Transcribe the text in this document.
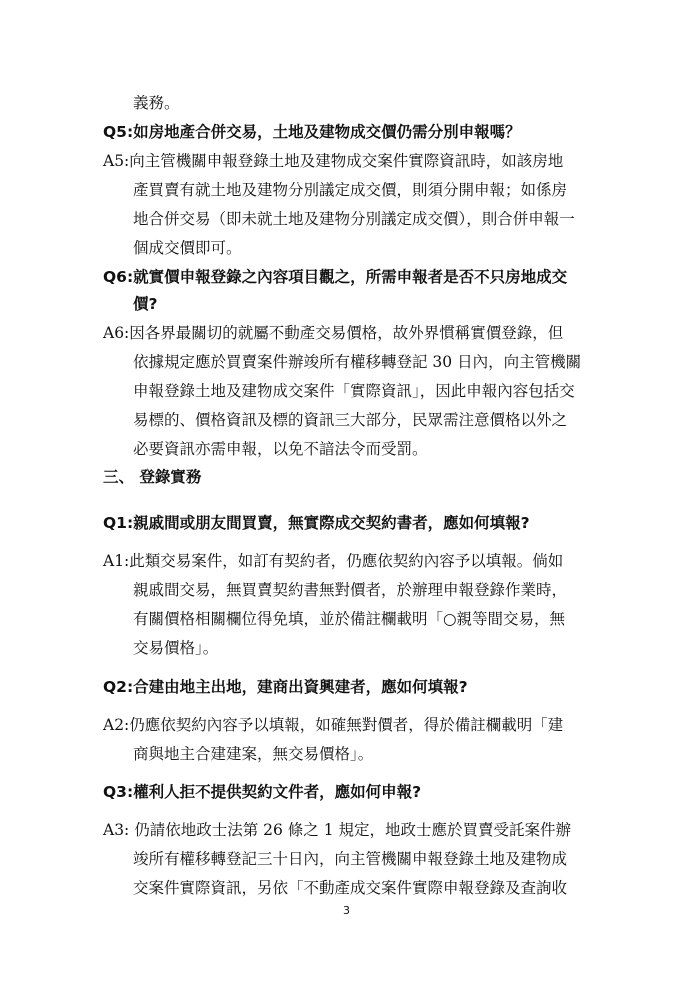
義務。
Q5:如房地產合併交易，土地及建物成交價仍需分別申報嗎？
A5:向主管機關申報登錄土地及建物成交案件實際資訊時，如該房地
產買賣有就土地及建物分別議定成交價，則須分開申報；如係房
地合併交易（即未就土地及建物分別議定成交價），則合併申報一
個成交價即可。
Q6:就實價申報登錄之內容項目觀之，所需申報者是否不只房地成交
價?
A6:因各界最關切的就屬不動產交易價格，故外界慣稱實價登錄，但
依據規定應於買賣案件辦竣所有權移轉登記 30 日內，向主管機關
申報登錄土地及建物成交案件「實際資訊」，因此申報內容包括交
易標的、價格資訊及標的資訊三大部分，民眾需注意價格以外之
必要資訊亦需申報，以免不諳法令而受罰。
三、 登錄實務
Q1:親戚間或朋友間買賣，無實際成交契約書者，應如何填報?
A1:此類交易案件，如訂有契約者，仍應依契約內容予以填報。倘如
親戚間交易，無買賣契約書無對價者，於辦理申報登錄作業時，
有關價格相關欄位得免填，並於備註欄載明「○親等間交易，無
交易價格」。
Q2:合建由地主出地，建商出資興建者，應如何填報?
A2:仍應依契約內容予以填報，如確無對價者，得於備註欄載明「建
商與地主合建建案，無交易價格」。
Q3:權利人拒不提供契約文件者，應如何申報?
A3: 仍請依地政士法第 26 條之 1 規定，地政士應於買賣受託案件辦
竣所有權移轉登記三十日內，向主管機關申報登錄土地及建物成
交案件實際資訊，另依「不動產成交案件實際申報登錄及查詢收
3
